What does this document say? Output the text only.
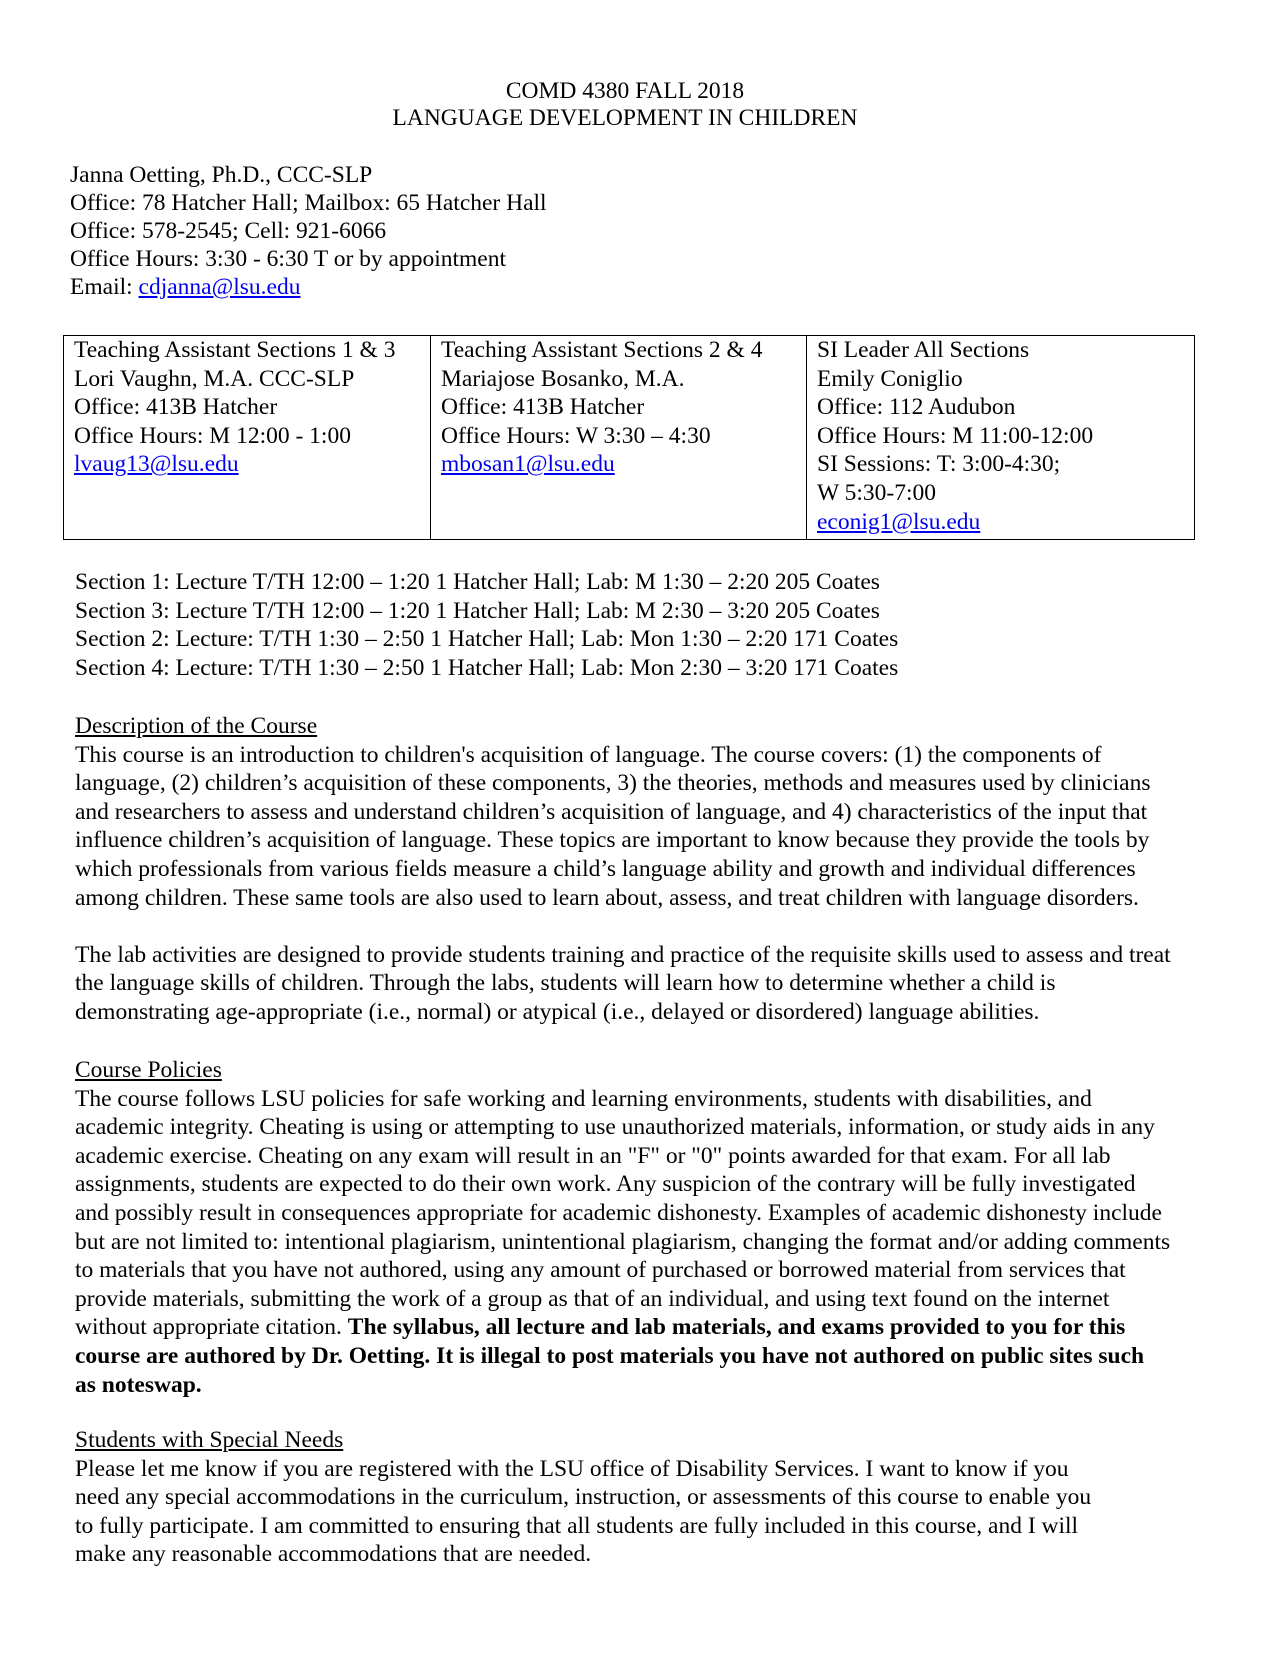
COMD 4380 FALL 2018
LANGUAGE DEVELOPMENT IN CHILDREN
Janna Oetting, Ph.D., CCC-SLP
Office: 78 Hatcher Hall; Mailbox: 65 Hatcher Hall
Office: 578-2545; Cell: 921-6066
Office Hours: 3:30 - 6:30 T or by appointment
Email: cdjanna@lsu.edu
Teaching Assistant Sections 1 & 3
Lori Vaughn, M.A. CCC-SLP
Office: 413B Hatcher
Office Hours: M 12:00 - 1:00
lvaug13@lsu.edu

Teaching Assistant Sections 2 & 4
Mariajose Bosanko, M.A.
Office: 413B Hatcher
Office Hours: W 3:30 – 4:30
mbosan1@lsu.edu

SI Leader All Sections
Emily Coniglio
Office: 112 Audubon
Office Hours: M 11:00-12:00
SI Sessions: T: 3:00-4:30;
W 5:30-7:00
econig1@lsu.edu
Section 1: Lecture T/TH 12:00 – 1:20 1 Hatcher Hall; Lab: M 1:30 – 2:20 205 Coates
Section 3: Lecture T/TH 12:00 – 1:20 1 Hatcher Hall; Lab: M 2:30 – 3:20 205 Coates
Section 2: Lecture: T/TH 1:30 – 2:50 1 Hatcher Hall; Lab: Mon 1:30 – 2:20 171 Coates
Section 4: Lecture: T/TH 1:30 – 2:50 1 Hatcher Hall; Lab: Mon 2:30 – 3:20 171 Coates
Description of the Course
This course is an introduction to children's acquisition of language. The course covers: (1) the components of
language, (2) children’s acquisition of these components, 3) the theories, methods and measures used by clinicians
and researchers to assess and understand children’s acquisition of language, and 4) characteristics of the input that
influence children’s acquisition of language. These topics are important to know because they provide the tools by
which professionals from various fields measure a child’s language ability and growth and individual differences
among children. These same tools are also used to learn about, assess, and treat children with language disorders.
The lab activities are designed to provide students training and practice of the requisite skills used to assess and treat
the language skills of children. Through the labs, students will learn how to determine whether a child is
demonstrating age-appropriate (i.e., normal) or atypical (i.e., delayed or disordered) language abilities.
Course Policies
The course follows LSU policies for safe working and learning environments, students with disabilities, and
academic integrity. Cheating is using or attempting to use unauthorized materials, information, or study aids in any
academic exercise. Cheating on any exam will result in an "F" or "0" points awarded for that exam. For all lab
assignments, students are expected to do their own work. Any suspicion of the contrary will be fully investigated
and possibly result in consequences appropriate for academic dishonesty. Examples of academic dishonesty include
but are not limited to: intentional plagiarism, unintentional plagiarism, changing the format and/or adding comments
to materials that you have not authored, using any amount of purchased or borrowed material from services that
provide materials, submitting the work of a group as that of an individual, and using text found on the internet
without appropriate citation. The syllabus, all lecture and lab materials, and exams provided to you for this
course are authored by Dr. Oetting. It is illegal to post materials you have not authored on public sites such
as noteswap.
Students with Special Needs
Please let me know if you are registered with the LSU office of Disability Services. I want to know if you
need any special accommodations in the curriculum, instruction, or assessments of this course to enable you
to fully participate. I am committed to ensuring that all students are fully included in this course, and I will
make any reasonable accommodations that are needed.
